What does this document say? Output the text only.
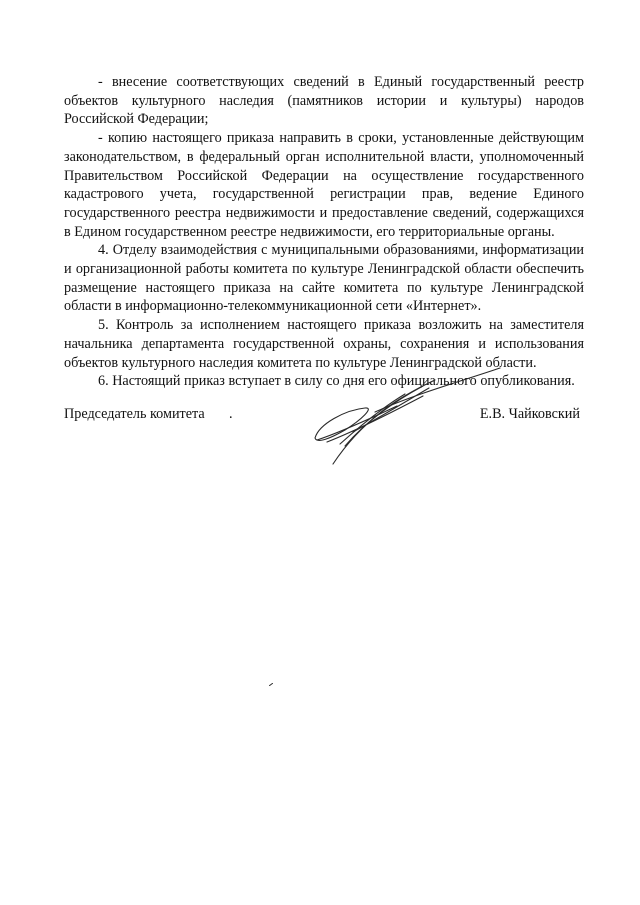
- внесение соответствующих сведений в Единый государственный реестр объектов культурного наследия (памятников истории и культуры) народов Российской Федерации;

- копию настоящего приказа направить в сроки, установленные действующим законодательством, в федеральный орган исполнительной власти, уполномоченный Правительством Российской Федерации на осуществление государственного кадастрового учета, государственной регистрации прав, ведение Единого государственного реестра недвижимости и предоставление сведений, содержащихся в Едином государственном реестре недвижимости, его территориальные органы.

4. Отделу взаимодействия с муниципальными образованиями, информатизации и организационной работы комитета по культуре Ленинградской области обеспечить размещение настоящего приказа на сайте комитета по культуре Ленинградской области в информационно-телекоммуникационной сети «Интернет».

5. Контроль за исполнением настоящего приказа возложить на заместителя начальника департамента государственной охраны, сохранения и использования объектов культурного наследия комитета по культуре Ленинградской области.

6. Настоящий приказ вступает в силу со дня его официального опубликования.

Председатель комитета .	Е.В. Чайковский
